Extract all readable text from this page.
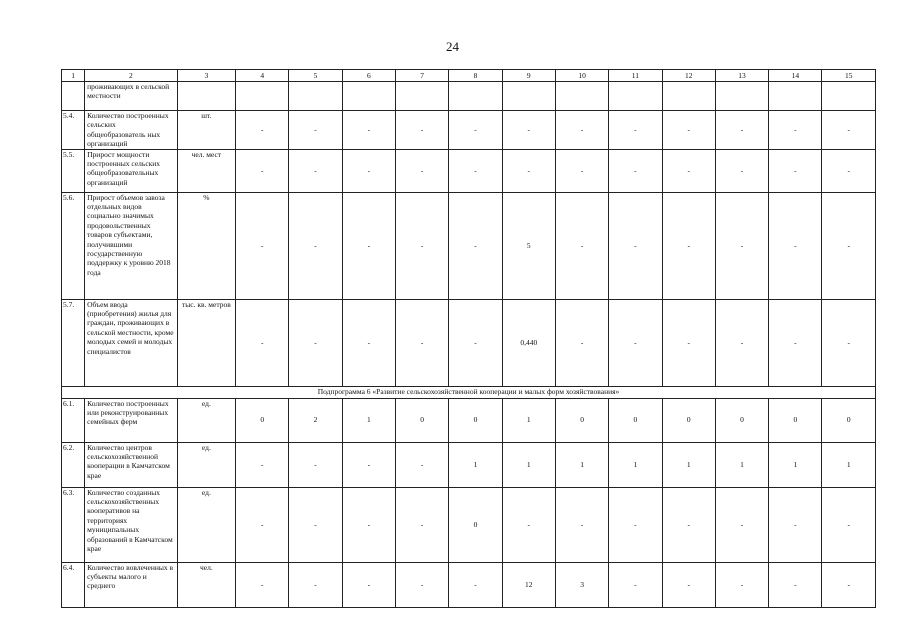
24
1	2	3	4	5	6	7	8	9	10	11	12	13	14	15
	проживающих в сельской местности													
5.4.	Количество построенных сельских общеобразователь ных организаций	шт.	-	-	-	-	-	-	-	-	-	-	-	-
5.5.	Прирост мощности построенных сельских общеобразовательных организаций	чел. мест	-	-	-	-	-	-	-	-	-	-	-	-
5.6.	Прирост объемов завоза отдельных видов социально значимых продовольственных товаров субъектами, получившими государственную поддержку к уровню 2018 года	%	-	-	-	-	-	5	-	-	-	-	-	-
5.7.	Объем ввода (приобретения) жилья для граждан, проживающих в сельской местности, кроме молодых семей и молодых специалистов	тыс. кв. метров	-	-	-	-	-	0,440	-	-	-	-	-	-
Подпрограмма 6 «Развитие сельскохозяйственной кооперации и малых форм хозяйствования»														
6.1.	Количество построенных или реконструированных семейных ферм	ед.	0	2	1	0	0	1	0	0	0	0	0	0
6.2.	Количество центров сельскохозяйственной кооперации в Камчатском крае	ед.	-	-	-	-	1	1	1	1	1	1	1	1
6.3.	Количество созданных сельскохозяйственных кооперативов на территориях муниципальных образований в Камчатском крае	ед.	-	-	-	-	0	-	-	-	-	-	-	-
6.4.	Количество вовлеченных в субъекты малого и среднего	чел.	-	-	-	-	-	12	3	-	-	-	-	-
